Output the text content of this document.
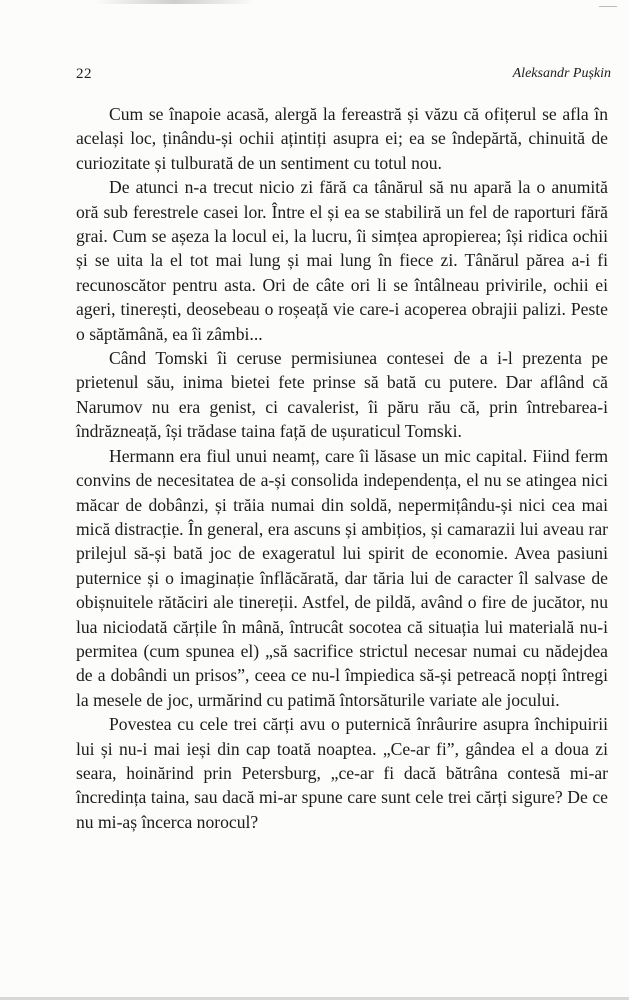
22	Aleksandr Pușkin

Cum se înapoie acasă, alergă la fereastră și văzu că ofițerul se afla în același loc, ținându-și ochii ațintiți asupra ei; ea se îndepărtă, chinuită de curiozitate și tulburată de un sentiment cu totul nou.

De atunci n-a trecut nicio zi fără ca tânărul să nu apară la o anumită oră sub ferestrele casei lor. Între el și ea se stabiliră un fel de raporturi fără grai. Cum se așeza la locul ei, la lucru, îi simțea apropierea; își ridica ochii și se uita la el tot mai lung și mai lung în fiece zi. Tânărul părea a-i fi recunoscător pentru asta. Ori de câte ori li se întâlneau privirile, ochii ei ageri, tinerești, deosebeau o roșeață vie care-i acoperea obrajii palizi. Peste o săptămână, ea îi zâmbi...

Când Tomski îi ceruse permisiunea contesei de a i-l prezenta pe prietenul său, inima bietei fete prinse să bată cu putere. Dar aflând că Narumov nu era genist, ci cavalerist, îi păru rău că, prin întrebarea-i îndrăzneață, își trădase taina față de ușuraticul Tomski.

Hermann era fiul unui neamț, care îi lăsase un mic capital. Fiind ferm convins de necesitatea de a-și consolida independența, el nu se atingea nici măcar de dobânzi, și trăia numai din soldă, nepermițându-și nici cea mai mică distracție. În general, era ascuns și ambițios, și camarazii lui aveau rar prilejul să-și bată joc de exageratul lui spirit de economie. Avea pasiuni puternice și o imaginație înflăcărată, dar tăria lui de caracter îl salvase de obișnuitele rătăciri ale tinereții. Astfel, de pildă, având o fire de jucător, nu lua niciodată cărțile în mână, întrucât socotea că situația lui materială nu-i permitea (cum spunea el) „să sacrifice strictul necesar numai cu nădejdea de a dobândi un prisos”, ceea ce nu-l împiedica să-și petreacă nopți întregi la mesele de joc, urmărind cu patimă întorsăturile variate ale jocului.

Povestea cu cele trei cărți avu o puternică înrâurire asupra închipuirii lui și nu-i mai ieși din cap toată noaptea. „Ce-ar fi”, gândea el a doua zi seara, hoinărind prin Petersburg, „ce-ar fi dacă bătrâna contesă mi-ar încredința taina, sau dacă mi-ar spune care sunt cele trei cărți sigure? De ce nu mi-aș încerca norocul?
